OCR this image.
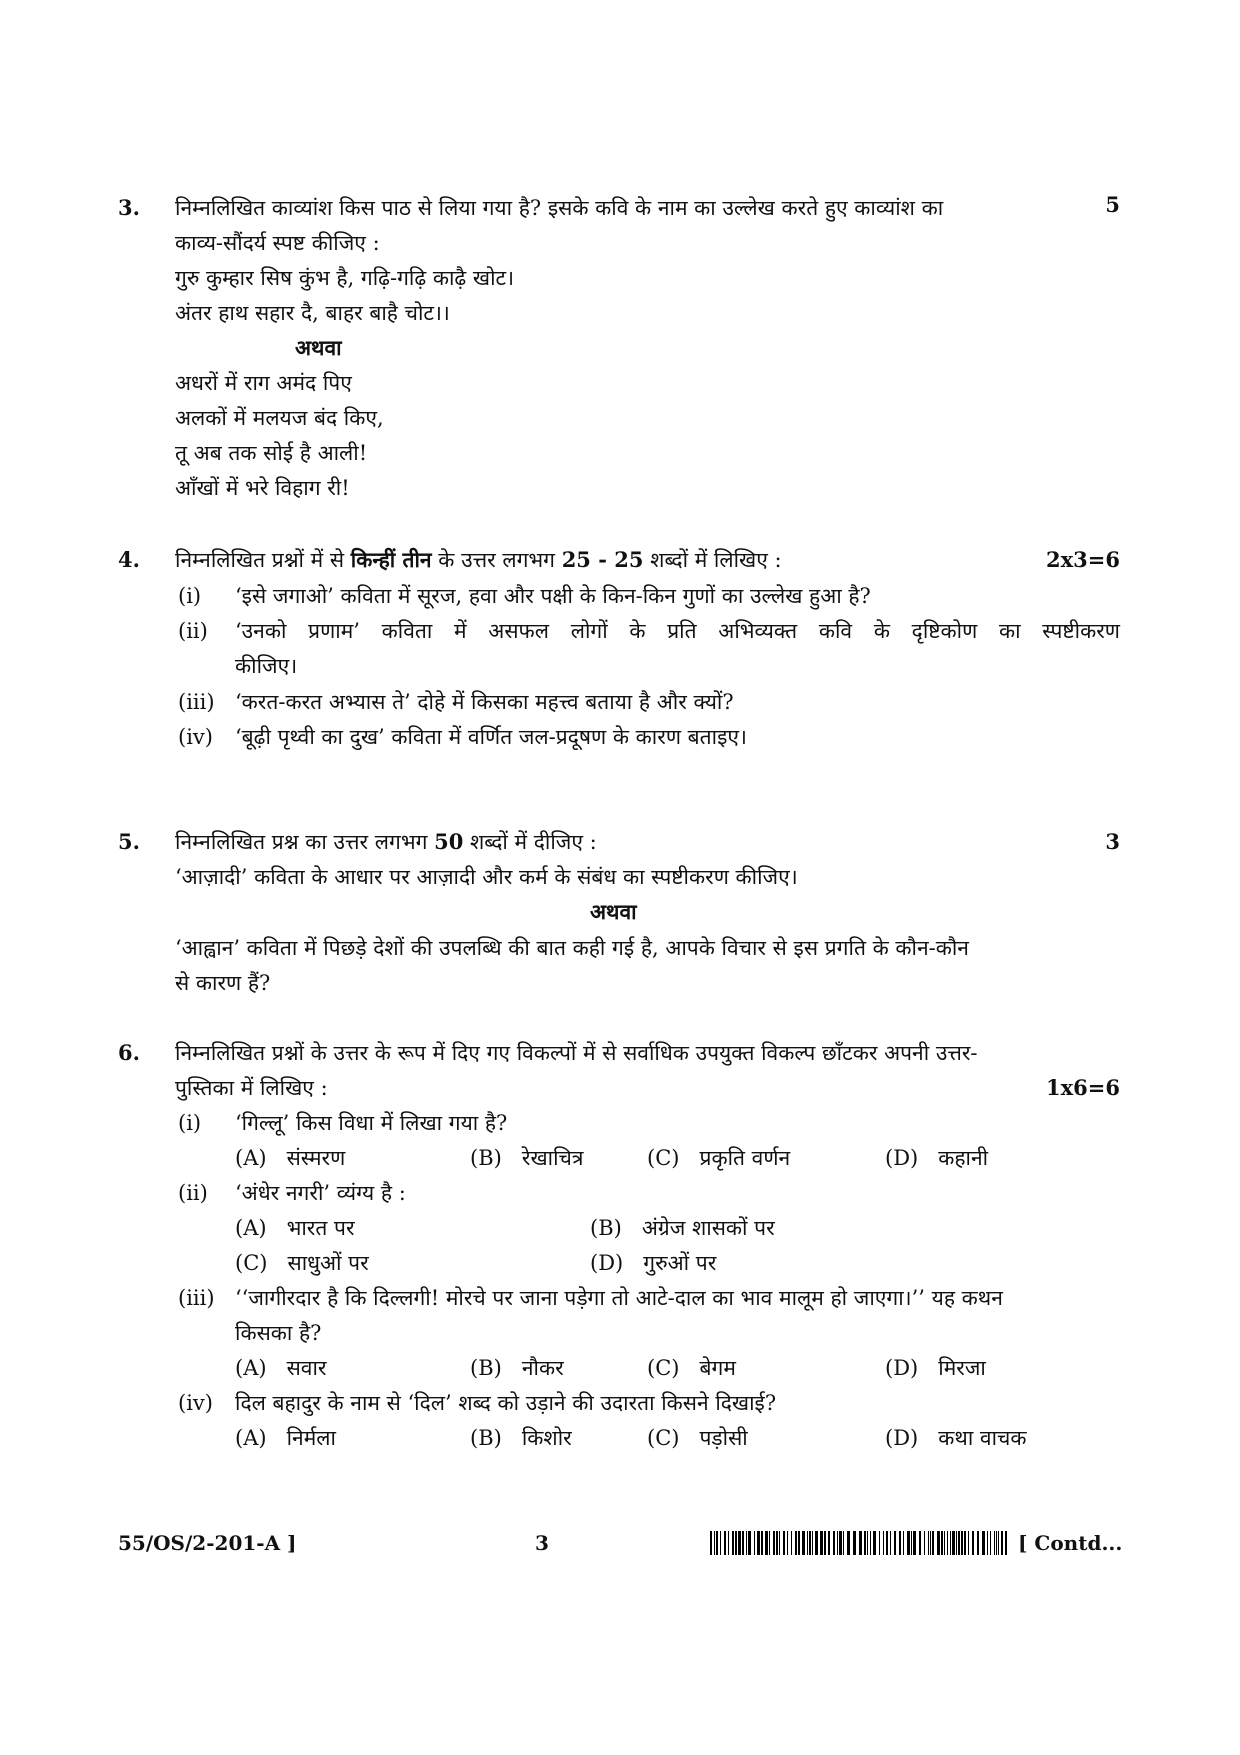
3. निम्नलिखित काव्यांश किस पाठ से लिया गया है? इसके कवि के नाम का उल्लेख करते हुए काव्यांश का	5
काव्य-सौंदर्य स्पष्ट कीजिए :
गुरु कुम्हार सिष कुंभ है, गढ़ि-गढ़ि काढ़ै खोट।
अंतर हाथ सहार दै, बाहर बाहै चोट।।
अथवा
अधरों में राग अमंद पिए
अलकों में मलयज बंद किए,
तू अब तक सोई है आली!
आँखों में भरे विहाग री!
4. निम्नलिखित प्रश्नों में से किन्हीं तीन के उत्तर लगभग 25 - 25 शब्दों में लिखिए :	2x3=6
(i) ‘इसे जगाओ’ कविता में सूरज, हवा और पक्षी के किन-किन गुणों का उल्लेख हुआ है?
(ii) ‘उनको प्रणाम’ कविता में असफल लोगों के प्रति अभिव्यक्त कवि के दृष्टिकोण का स्पष्टीकरण
कीजिए।
(iii) ‘करत-करत अभ्यास ते’ दोहे में किसका महत्त्व बताया है और क्यों?
(iv) ‘बूढ़ी पृथ्वी का दुख’ कविता में वर्णित जल-प्रदूषण के कारण बताइए।
5. निम्नलिखित प्रश्न का उत्तर लगभग 50 शब्दों में दीजिए :	3
‘आज़ादी’ कविता के आधार पर आज़ादी और कर्म के संबंध का स्पष्टीकरण कीजिए।
अथवा
‘आह्वान’ कविता में पिछड़े देशों की उपलब्धि की बात कही गई है, आपके विचार से इस प्रगति के कौन-कौन
से कारण हैं?
6. निम्नलिखित प्रश्नों के उत्तर के रूप में दिए गए विकल्पों में से सर्वाधिक उपयुक्त विकल्प छाँटकर अपनी उत्तर-
पुस्तिका में लिखिए :	1x6=6
(i) ‘गिल्लू’ किस विधा में लिखा गया है?
(A) संस्मरण	(B) रेखाचित्र	(C) प्रकृति वर्णन	(D) कहानी
(ii) ‘अंधेर नगरी’ व्यंग्य है :
(A) भारत पर	(B) अंग्रेज शासकों पर
(C) साधुओं पर	(D) गुरुओं पर
(iii) ‘‘जागीरदार है कि दिल्लगी! मोरचे पर जाना पड़ेगा तो आटे-दाल का भाव मालूम हो जाएगा।’’ यह कथन
किसका है?
(A) सवार	(B) नौकर	(C) बेगम	(D) मिरजा
(iv) दिल बहादुर के नाम से ‘दिल’ शब्द को उड़ाने की उदारता किसने दिखाई?
(A) निर्मला	(B) किशोर	(C) पड़ोसी	(D) कथा वाचक
55/OS/2-201-A ]	3	[ Contd...
